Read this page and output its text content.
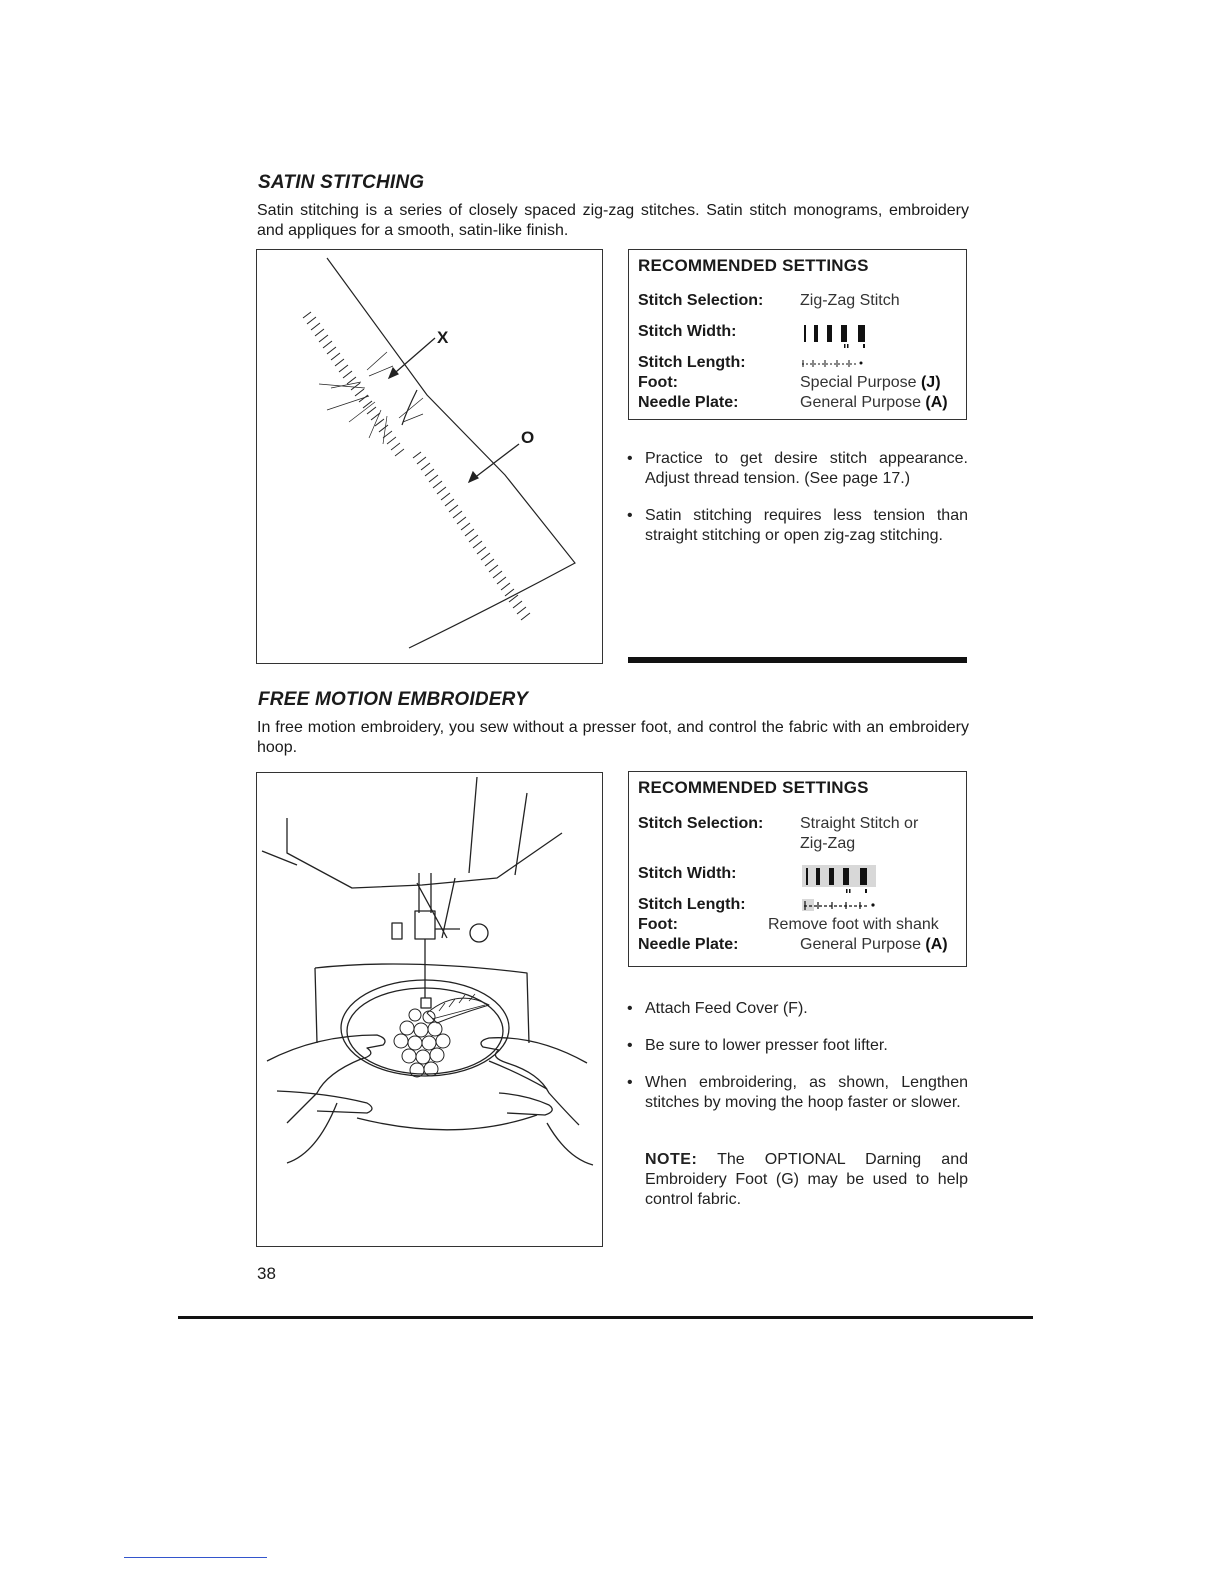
SATIN STITCHING

Satin stitching is a series of closely spaced zig-zag stitches. Satin stitch monograms, embroidery and appliques for a smooth, satin-like finish.

X
O
RECOMMENDED SETTINGS
Stitch Selection:	Zig-Zag Stitch
Stitch Width:
Stitch Length:
Foot:	Special Purpose (J)
Needle Plate:	General Purpose (A)
• Practice to get desire stitch appearance. Adjust thread tension. (See page 17.)
• Satin stitching requires less tension than straight stitching or open zig-zag stitching.
FREE MOTION EMBROIDERY

In free motion embroidery, you sew without a presser foot, and control the fabric with an embroidery hoop.

RECOMMENDED SETTINGS
Stitch Selection:	Straight Stitch or Zig-Zag
Stitch Width:
Stitch Length:
Foot:	Remove foot with shank
Needle Plate:	General Purpose (A)
• Attach Feed Cover (F).
• Be sure to lower presser foot lifter.
• When embroidering, as shown, Lengthen stitches by moving the hoop faster or slower.

NOTE: The OPTIONAL Darning and Embroidery Foot (G) may be used to help control fabric.

38
